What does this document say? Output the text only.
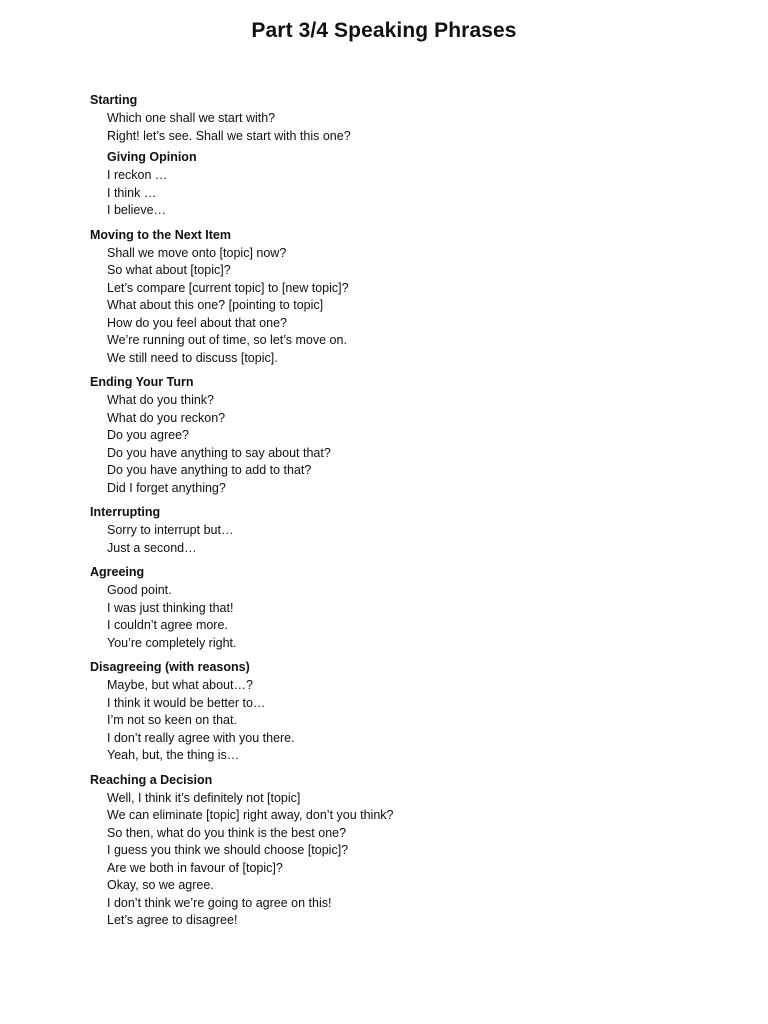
Part 3/4 Speaking Phrases
Starting
Which one shall we start with?
Right! let’s see. Shall we start with this one?
Giving Opinion
I reckon …
I think …
I believe…
Moving to the Next Item
Shall we move onto [topic] now?
So what about [topic]?
Let’s compare [current topic] to [new topic]?
What about this one? [pointing to topic]
How do you feel about that one?
We’re running out of time, so let’s move on.
We still need to discuss [topic].
Ending Your Turn
What do you think?
What do you reckon?
Do you agree?
Do you have anything to say about that?
Do you have anything to add to that?
Did I forget anything?
Interrupting
Sorry to interrupt but…
Just a second…
Agreeing
Good point.
I was just thinking that!
I couldn’t agree more.
You’re completely right.
Disagreeing (with reasons)
Maybe, but what about…?
I think it would be better to…
I’m not so keen on that.
I don’t really agree with you there.
Yeah, but, the thing is…
Reaching a Decision
Well, I think it’s definitely not [topic]
We can eliminate [topic] right away, don’t you think?
So then, what do you think is the best one?
I guess you think we should choose [topic]?
Are we both in favour of [topic]?
Okay, so we agree.
I don’t think we’re going to agree on this!
Let’s agree to disagree!
